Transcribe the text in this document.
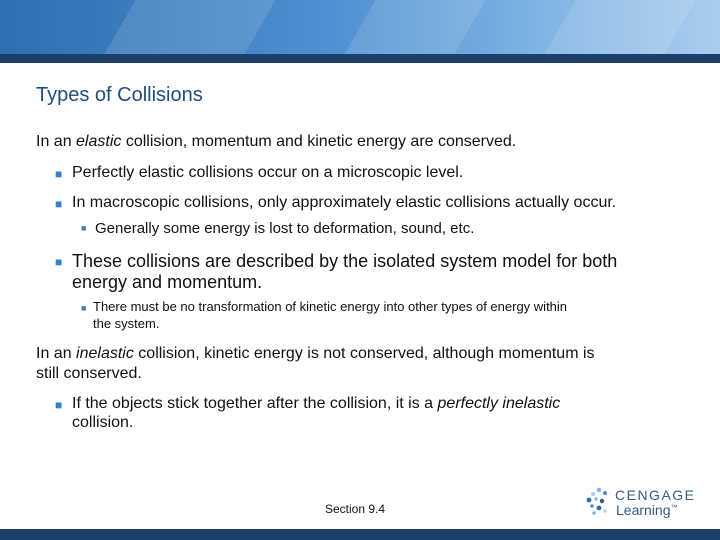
Types of Collisions
In an elastic collision, momentum and kinetic energy are conserved.
■ Perfectly elastic collisions occur on a microscopic level.
■ In macroscopic collisions, only approximately elastic collisions actually occur.
■ Generally some energy is lost to deformation, sound, etc.
■ These collisions are described by the isolated system model for both
energy and momentum.
■ There must be no transformation of kinetic energy into other types of energy within
the system.
In an inelastic collision, kinetic energy is not conserved, although momentum is
still conserved.
■ If the objects stick together after the collision, it is a perfectly inelastic
collision.
Section 9.4
CENGAGE
Learning™
